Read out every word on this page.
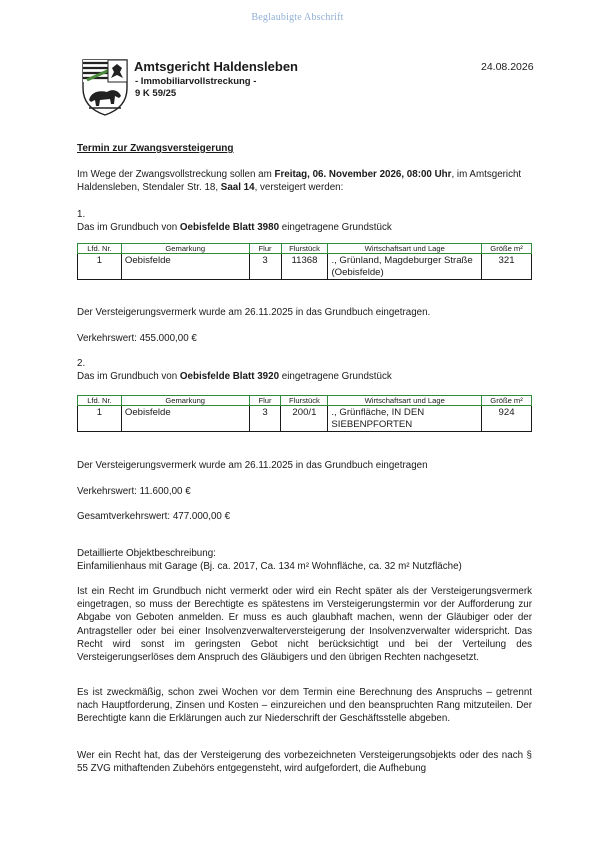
Beglaubigte Abschrift
Amtsgericht Haldensleben
- Immobiliarvollstreckung -
9 K 59/25
24.08.2026
Termin zur Zwangsversteigerung
Im Wege der Zwangsvollstreckung sollen am Freitag, 06. November 2026, 08:00 Uhr, im Amtsgericht Haldensleben, Stendaler Str. 18, Saal 14, versteigert werden:
1.
Das im Grundbuch von Oebisfelde Blatt 3980 eingetragene Grundstück
Lfd. Nr.	Gemarkung	Flur	Flurstück	Wirtschaftsart und Lage	Größe m²
1	Oebisfelde	3	11368	., Grünland, Magdeburger Straße (Oebisfelde)	321
Der Versteigerungsvermerk wurde am 26.11.2025 in das Grundbuch eingetragen.
Verkehrswert: 455.000,00 €
2.
Das im Grundbuch von Oebisfelde Blatt 3920 eingetragene Grundstück
Lfd. Nr.	Gemarkung	Flur	Flurstück	Wirtschaftsart und Lage	Größe m²
1	Oebisfelde	3	200/1	., Grünfläche, IN DEN SIEBENPFORTEN	924
Der Versteigerungsvermerk wurde am 26.11.2025 in das Grundbuch eingetragen
Verkehrswert: 11.600,00 €
Gesamtverkehrswert: 477.000,00 €
Detaillierte Objektbeschreibung:
Einfamilienhaus mit Garage (Bj. ca. 2017, Ca. 134 m² Wohnfläche, ca. 32 m² Nutzfläche)
Ist ein Recht im Grundbuch nicht vermerkt oder wird ein Recht später als der Versteigerungsvermerk eingetragen, so muss der Berechtigte es spätestens im Versteigerungstermin vor der Aufforderung zur Abgabe von Geboten anmelden. Er muss es auch glaubhaft machen, wenn der Gläubiger oder der Antragsteller oder bei einer Insolvenzverwalterversteigerung der Insolvenzverwalter widerspricht. Das Recht wird sonst im geringsten Gebot nicht berücksichtigt und bei der Verteilung des Versteigerungserlöses dem Anspruch des Gläubigers und den übrigen Rechten nachgesetzt.
Es ist zweckmäßig, schon zwei Wochen vor dem Termin eine Berechnung des Anspruchs – getrennt nach Hauptforderung, Zinsen und Kosten – einzureichen und den beanspruchten Rang mitzuteilen. Der Berechtigte kann die Erklärungen auch zur Niederschrift der Geschäftsstelle abgeben.
Wer ein Recht hat, das der Versteigerung des vorbezeichneten Versteigerungsobjekts oder des nach § 55 ZVG mithaftenden Zubehörs entgegensteht, wird aufgefordert, die Aufhebung
